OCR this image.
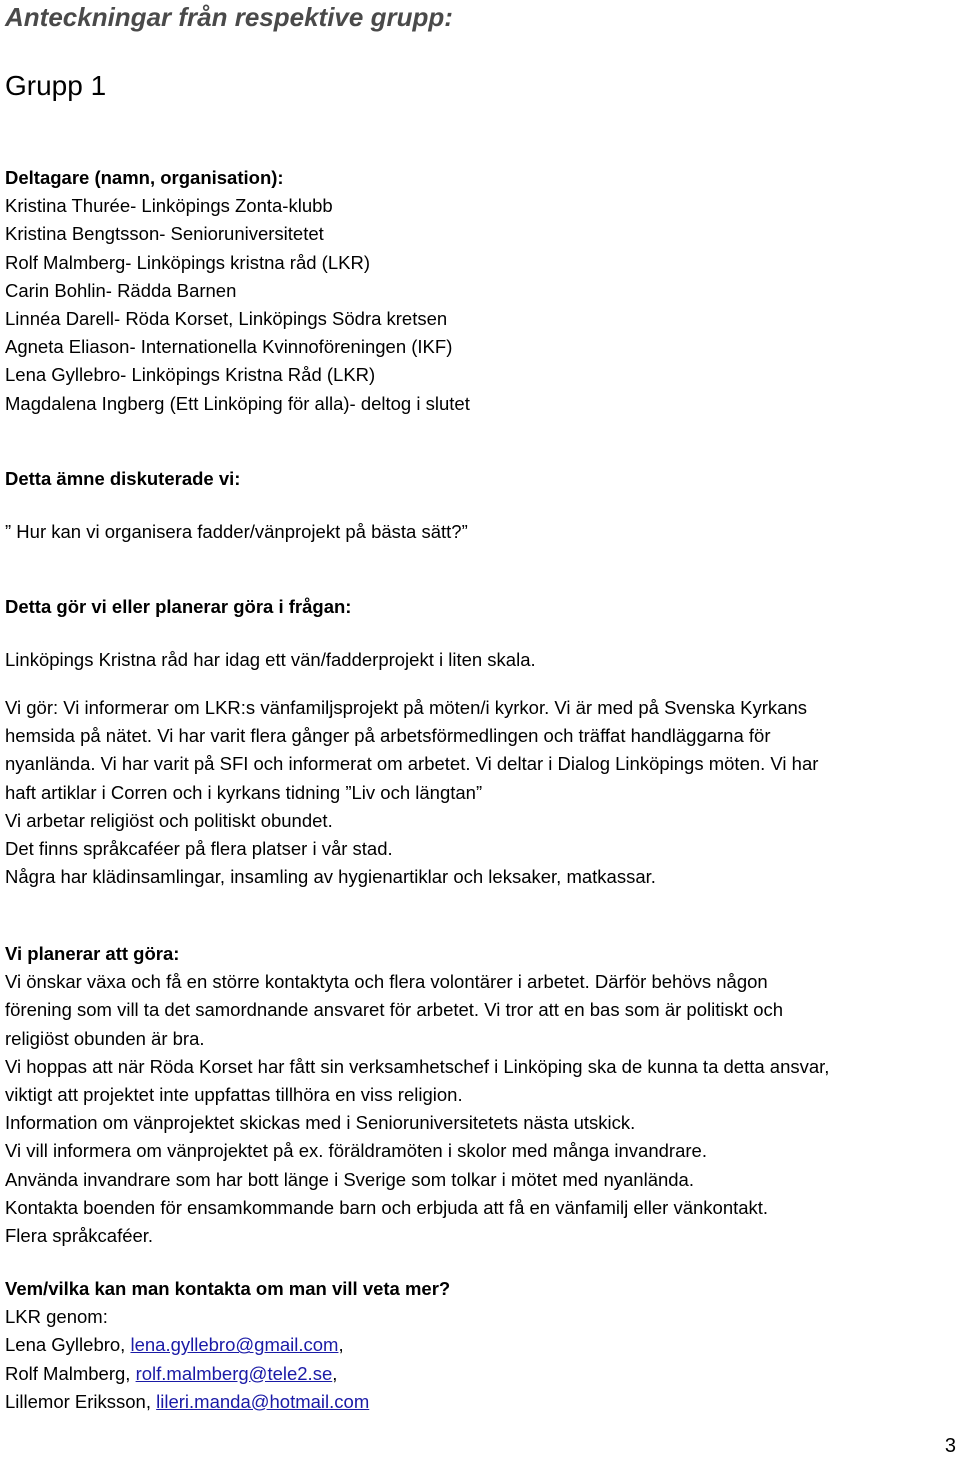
Anteckningar från respektive grupp:
Grupp 1
Deltagare (namn, organisation):
Kristina Thurée- Linköpings Zonta-klubb
Kristina Bengtsson- Senioruniversitetet
Rolf Malmberg- Linköpings kristna råd (LKR)
Carin Bohlin- Rädda Barnen
Linnéa Darell- Röda Korset, Linköpings Södra kretsen
Agneta Eliason- Internationella Kvinnoföreningen (IKF)
Lena Gyllebro- Linköpings Kristna Råd (LKR)
Magdalena Ingberg (Ett Linköping för alla)- deltog i slutet
Detta ämne diskuterade vi:
” Hur kan vi organisera fadder/vänprojekt på bästa sätt?”
Detta gör vi eller planerar göra i frågan:
Linköpings Kristna råd har idag ett vän/fadderprojekt i liten skala.
Vi gör: Vi informerar om LKR:s vänfamiljsprojekt på möten/i kyrkor. Vi är med på Svenska Kyrkans
hemsida på nätet. Vi har varit flera gånger på arbetsförmedlingen och träffat handläggarna för
nyanlända. Vi har varit på SFI och informerat om arbetet. Vi deltar i Dialog Linköpings möten. Vi har
haft artiklar i Corren och i kyrkans tidning ”Liv och längtan”
Vi arbetar religiöst och politiskt obundet.
Det finns språkcaféer på flera platser i vår stad.
Några har klädinsamlingar, insamling av hygienartiklar och leksaker, matkassar.
Vi planerar att göra:
Vi önskar växa och få en större kontaktyta och flera volontärer i arbetet. Därför behövs någon
förening som vill ta det samordnande ansvaret för arbetet. Vi tror att en bas som är politiskt och
religiöst obunden är bra.
Vi hoppas att när Röda Korset har fått sin verksamhetschef i Linköping ska de kunna ta detta ansvar,
viktigt att projektet inte uppfattas tillhöra en viss religion.
Information om vänprojektet skickas med i Senioruniversitetets nästa utskick.
Vi vill informera om vänprojektet på ex. föräldramöten i skolor med många invandrare.
Använda invandrare som har bott länge i Sverige som tolkar i mötet med nyanlända.
Kontakta boenden för ensamkommande barn och erbjuda att få en vänfamilj eller vänkontakt.
Flera språkcaféer.
Vem/vilka kan man kontakta om man vill veta mer?
LKR genom:
Lena Gyllebro, lena.gyllebro@gmail.com,
Rolf Malmberg, rolf.malmberg@tele2.se,
Lillemor Eriksson, lileri.manda@hotmail.com
3
